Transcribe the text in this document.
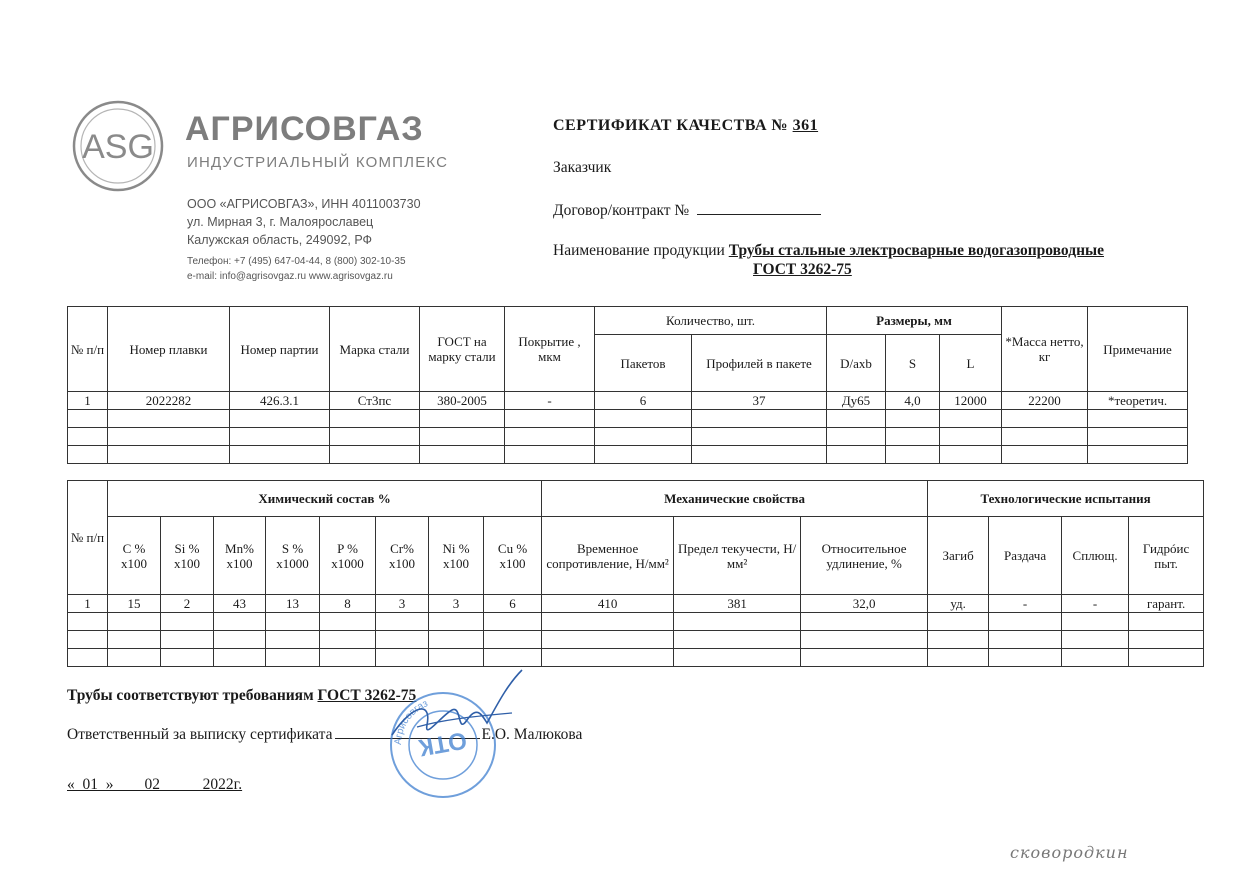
ASG АГРИСОВГАЗ
ИНДУСТРИАЛЬНЫЙ КОМПЛЕКС
ООО «АГРИСОВГАЗ», ИНН 4011003730
ул. Мирная 3, г. Малоярославец
Калужская область, 249092, РФ
Телефон: +7 (495) 647-04-44, 8 (800) 302-10-35
e-mail: info@agrisovgaz.ru www.agrisovgaz.ru
СЕРТИФИКАТ КАЧЕСТВА № 361
Заказчик
Договор/контракт №
Наименование продукции Трубы стальные электросварные водогазопроводные
ГОСТ 3262-75
№ п/п	Номер плавки	Номер партии	Марка стали	ГОСТ на марку стали	Покрытие , мкм	Количество, шт.		Размеры, мм			*Масса нетто, кг	Примечание
						Пакетов	Профилей в пакете	D/axb	S	L		
1	2022282	426.3.1	Ст3пс	380-2005	-	6	37	Ду65	4,0	12000	22200	*теоретич.

№ п/п	Химический состав %								Механические свойства			Технологические испытания			
	C % x100	Si % x100	Mn% x100	S % x1000	P % x1000	Cr% x100	Ni % x100	Cu % x100	Временное сопротивление, Н/мм²	Предел текучести, Н/мм²	Относительное удлинение, %	Загиб	Раздача	Сплющ.	Гидрóис пыт.
1	15	2	43	13	8	3	3	6	410	381	32,0	уд.	-	-	гарант.

Трубы соответствуют требованиям ГОСТ 3262-75
Ответственный за выписку сертификата	Е.О. Малюкова
«  01  »        02           2022г.
Агрисовгаз
ОТК
сковородкин
